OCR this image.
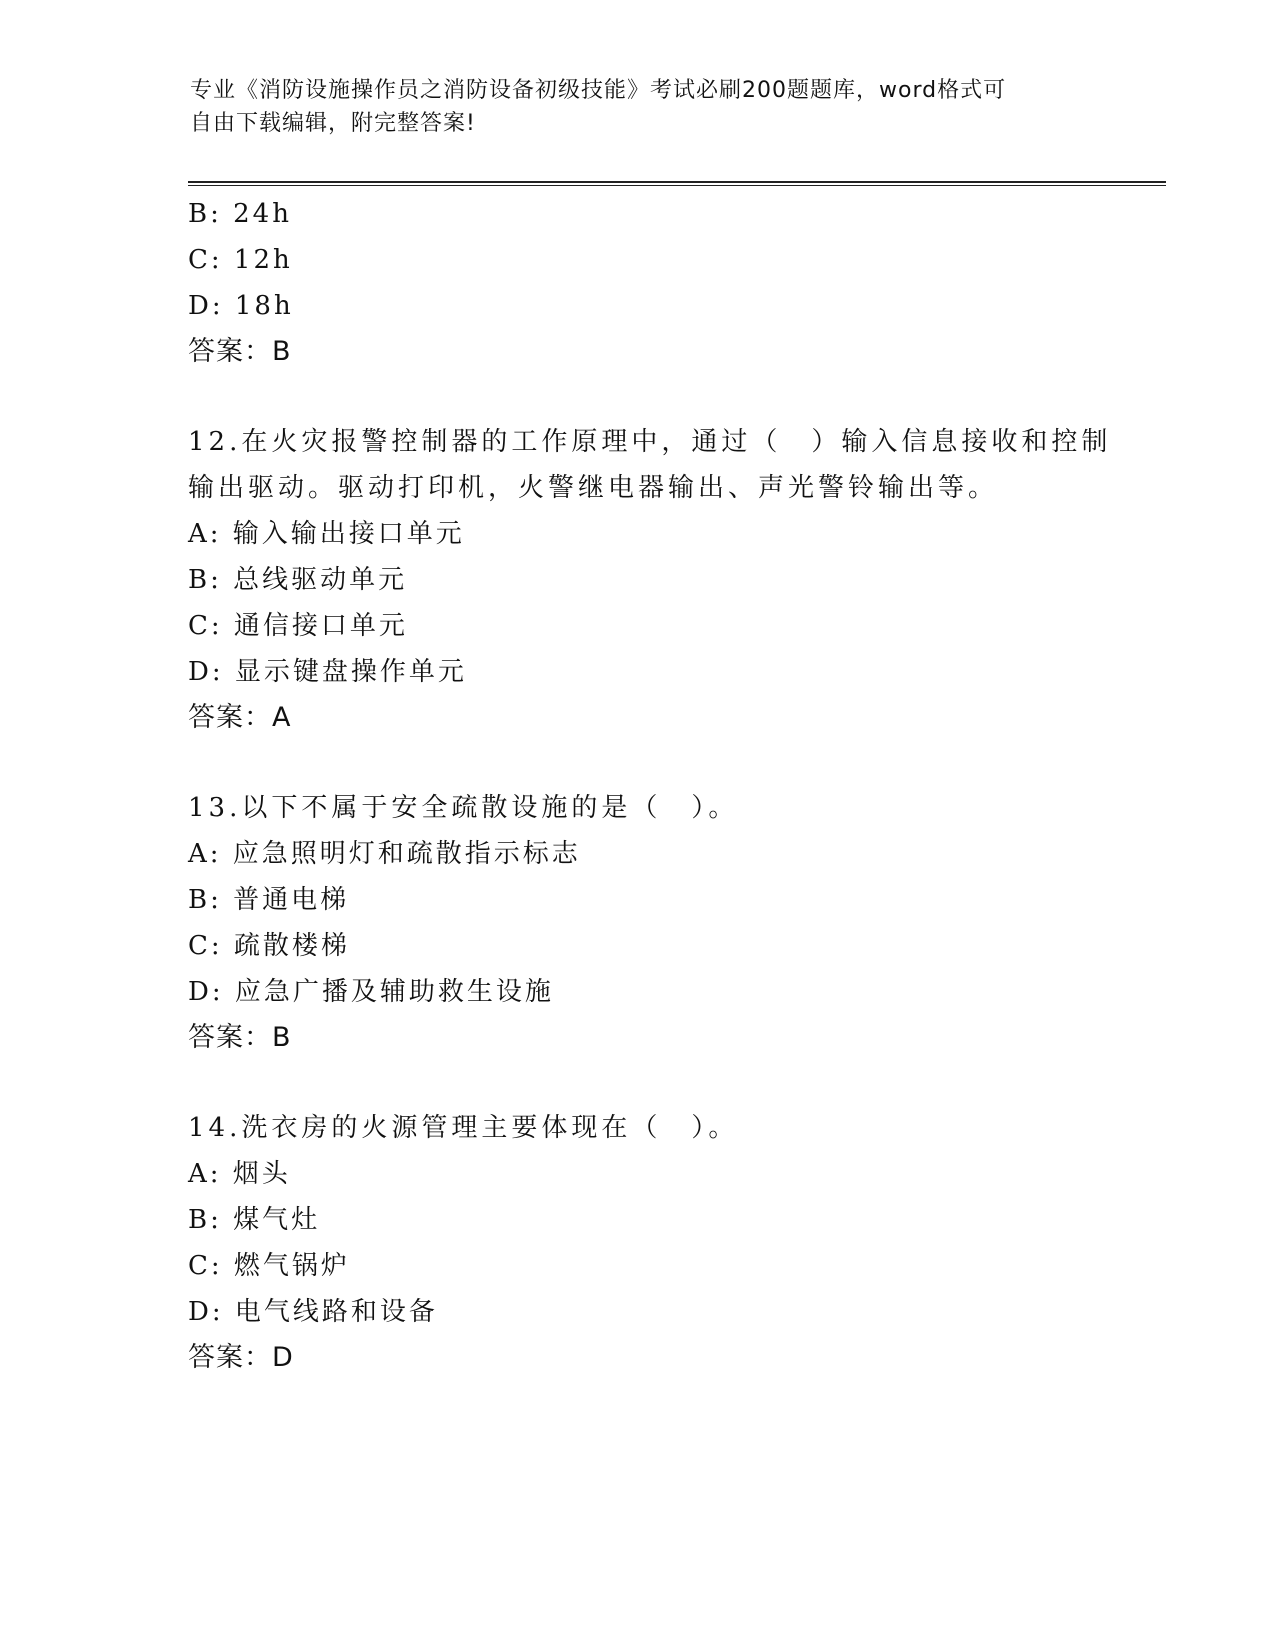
专业《消防设施操作员之消防设备初级技能》考试必刷200题题库，word格式可
自由下载编辑，附完整答案!
B: 24h
C: 12h
D: 18h
答案：B
12.在火灾报警控制器的工作原理中，通过（　）输入信息接收和控制
输出驱动。驱动打印机，火警继电器输出、声光警铃输出等。
A: 输入输出接口单元
B: 总线驱动单元
C: 通信接口单元
D: 显示键盘操作单元
答案：A
13.以下不属于安全疏散设施的是（　）。
A: 应急照明灯和疏散指示标志
B: 普通电梯
C: 疏散楼梯
D: 应急广播及辅助救生设施
答案：B
14.洗衣房的火源管理主要体现在（　）。
A: 烟头
B: 煤气灶
C: 燃气锅炉
D: 电气线路和设备
答案：D
